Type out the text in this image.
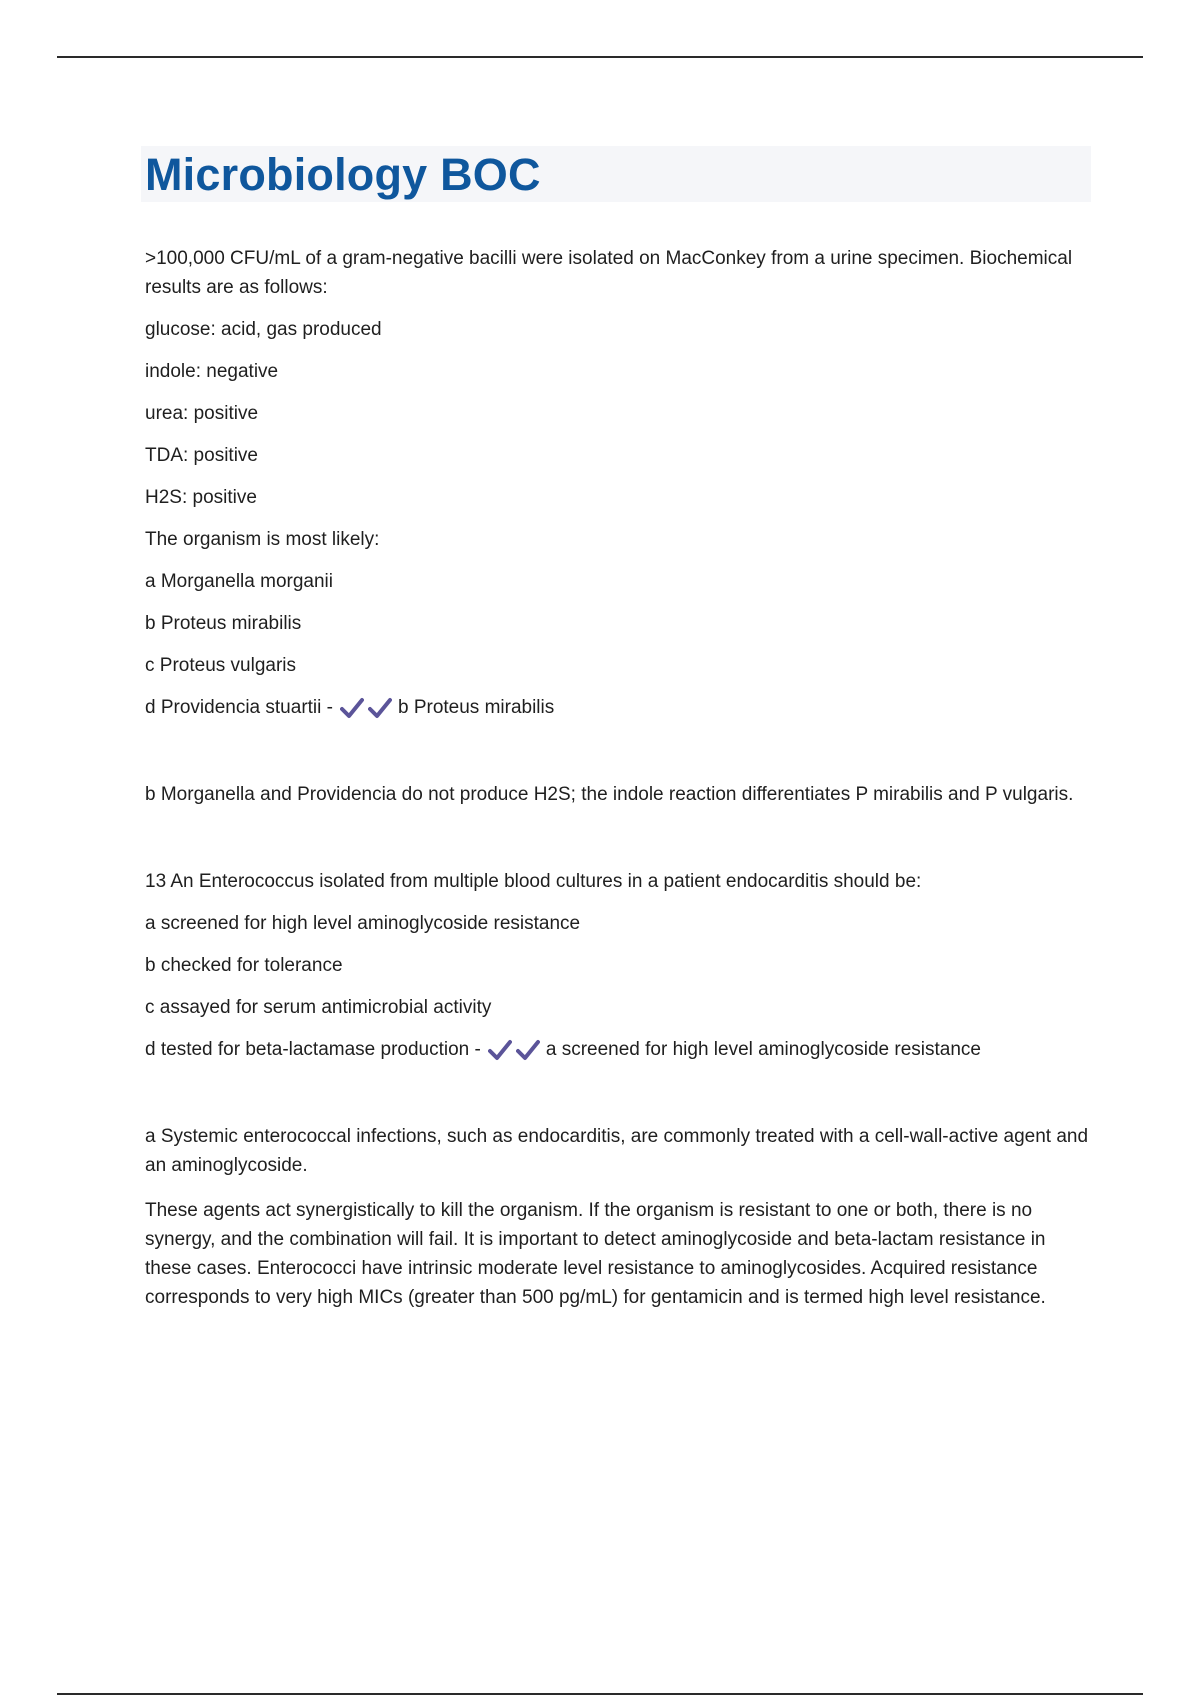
Microbiology BOC

>100,000 CFU/mL of a gram-negative bacilli were isolated on MacConkey from a urine specimen. Biochemical results are as follows:

glucose: acid, gas produced

indole: negative

urea: positive

TDA: positive

H2S: positive

The organism is most likely:

a Morganella morganii

b Proteus mirabilis

c Proteus vulgaris

d Providencia stuartii -	b Proteus mirabilis

b Morganella and Providencia do not produce H2S; the indole reaction differentiates P mirabilis and P vulgaris.

13 An Enterococcus isolated from multiple blood cultures in a patient endocarditis should be:

a screened for high level aminoglycoside resistance

b checked for tolerance

c assayed for serum antimicrobial activity

d tested for beta-lactamase production -	a screened for high level aminoglycoside resistance

a Systemic enterococcal infections, such as endocarditis, are commonly treated with a cell-wall-active agent and an aminoglycoside.

These agents act synergistically to kill the organism. If the organism is resistant to one or both, there is no synergy, and the combination will fail. It is important to detect aminoglycoside and beta-lactam resistance in these cases. Enterococci have intrinsic moderate level resistance to aminoglycosides. Acquired resistance corresponds to very high MICs (greater than 500 pg/mL) for gentamicin and is termed high level resistance.
